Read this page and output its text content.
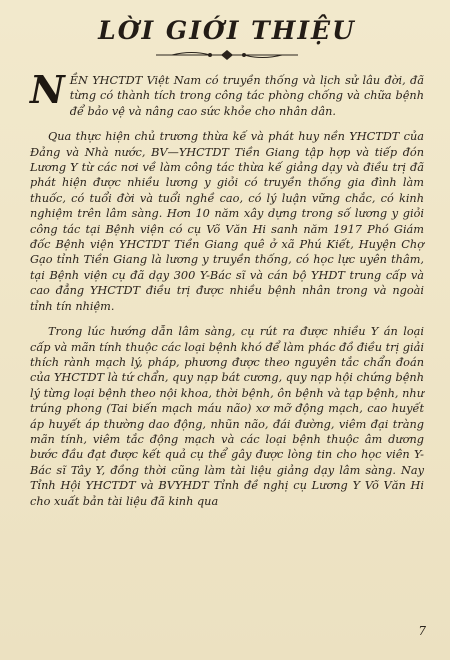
LỜI GIỚI THIỆU

NỀN YHCTDT Việt Nam có truyền thống và lịch sử lâu đời, đã từng có thành tích trong công tác phòng chống và chữa bệnh để bảo vệ và nâng cao sức khỏe cho nhân dân.

Qua thực hiện chủ trương thừa kế và phát huy nền YHCTDT của Đảng và Nhà nước, BV—YHCTDT Tiền Giang tập hợp và tiếp đón Lương Y từ các nơi về làm công tác thừa kế giảng dạy và điều trị đã phát hiện được nhiều lương y giỏi có truyền thống gia đình làm thuốc, có tuổi đời và tuổi nghề cao, có lý luận vững chắc, có kinh nghiệm trên lâm sàng. Hơn 10 năm xây dựng trong số lương y giỏi công tác tại Bệnh viện có cụ Võ Văn Hi sanh năm 1917 Phó Giám đốc Bệnh viện YHCTDT Tiền Giang quê ở xã Phú Kiết, Huyện Chợ Gạo tỉnh Tiền Giang là lương y truyền thống, có học lực uyên thâm, tại Bệnh viện cụ đã dạy 300 Y-Bác sĩ và cán bộ YHDT trung cấp và cao đẳng YHCTDT điều trị được nhiều bệnh nhân trong và ngoài tỉnh tín nhiệm.

Trong lúc hướng dẫn lâm sàng, cụ rút ra được nhiều Y án loại cấp và mãn tính thuộc các loại bệnh khó để làm phác đồ điều trị giải thích rành mạch lý, pháp, phương được theo nguyên tắc chẩn đoán của YHCTDT là tứ chẩn, quy nạp bát cương, quy nạp hội chứng bệnh lý từng loại bệnh theo nội khoa, thời bệnh, ôn bệnh và tạp bệnh, như trúng phong (Tai biến mạch máu não) xơ mỡ động mạch, cao huyết áp huyết áp thường dao động, nhũn não, đái đường, viêm đại tràng mãn tính, viêm tắc động mạch và các loại bệnh thuộc âm dương bước đầu đạt được kết quả cụ thể gây được lòng tin cho học viên Y-Bác sĩ Tây Y, đồng thời cũng làm tài liệu giảng dạy lâm sàng. Nay Tỉnh Hội YHCTDT và BVYHDT Tỉnh đề nghị cụ Lương Y Võ Văn Hi cho xuất bản tài liệu đã kinh qua

7
